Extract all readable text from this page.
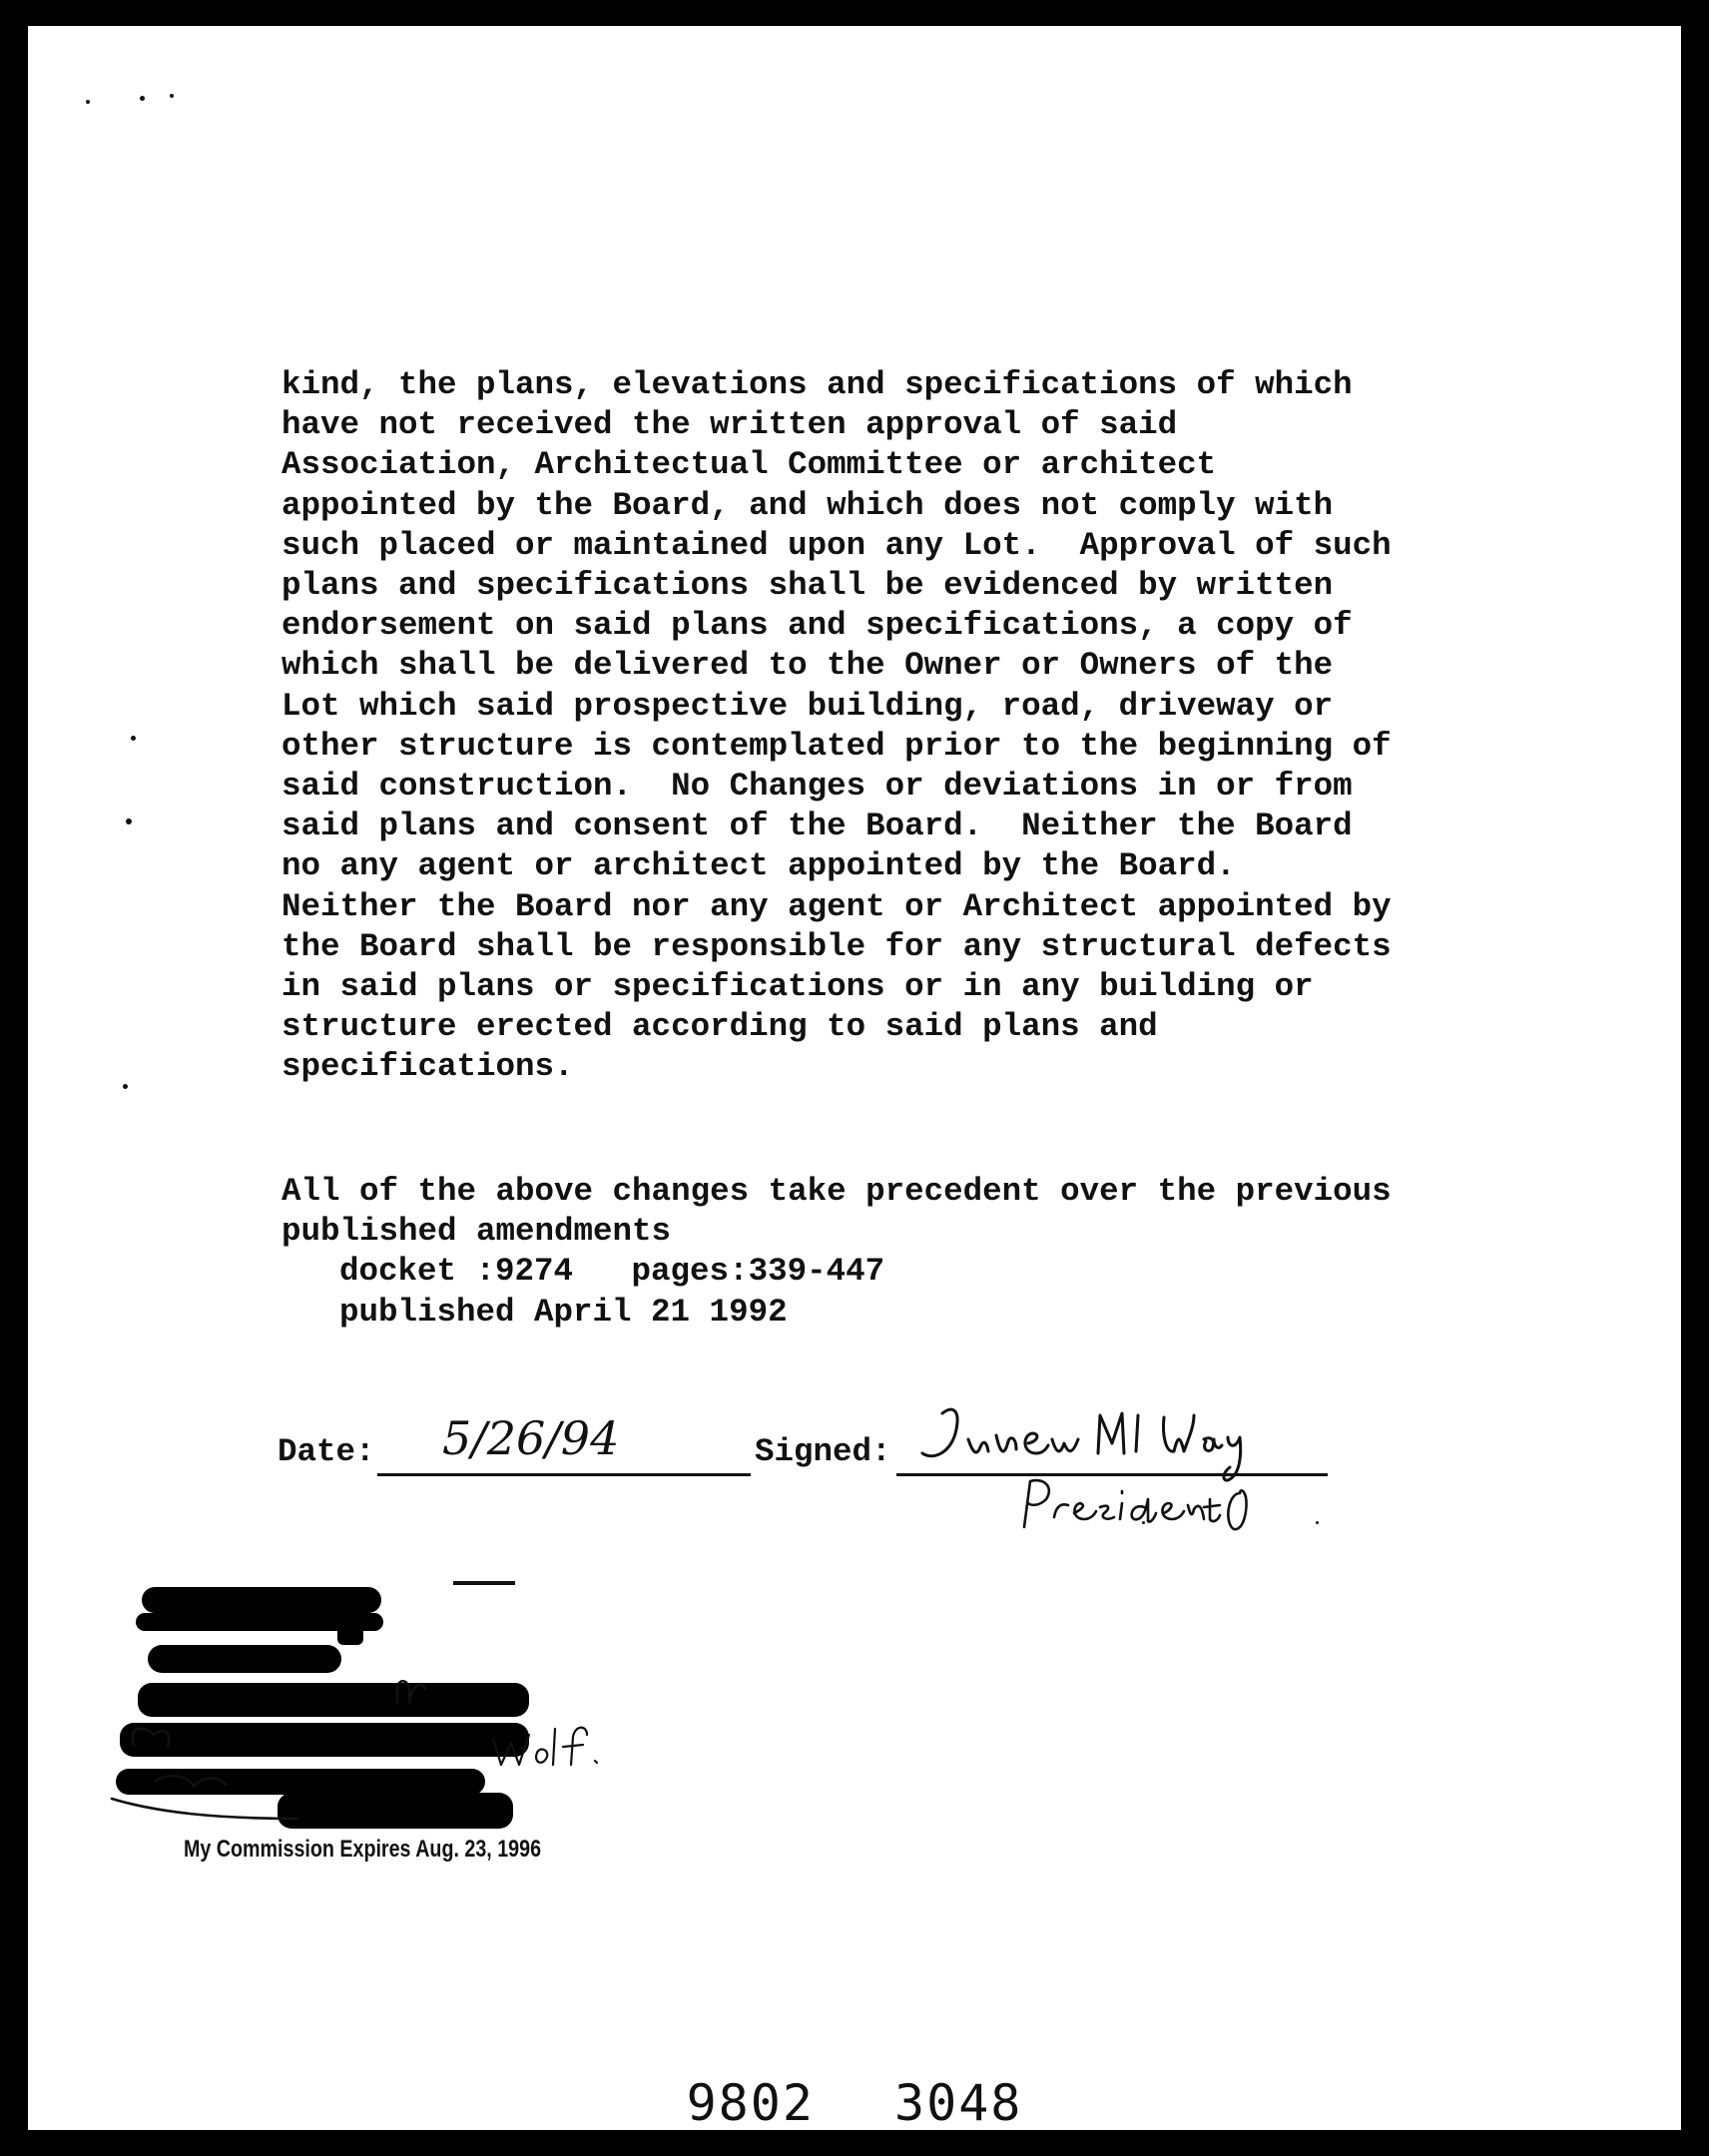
kind, the plans, elevations and specifications of which
have not received the written approval of said
Association, Architectual Committee or architect
appointed by the Board, and which does not comply with
such placed or maintained upon any Lot.  Approval of such
plans and specifications shall be evidenced by written
endorsement on said plans and specifications, a copy of
which shall be delivered to the Owner or Owners of the
Lot which said prospective building, road, driveway or
other structure is contemplated prior to the beginning of
said construction.  No Changes or deviations in or from
said plans and consent of the Board.  Neither the Board
no any agent or architect appointed by the Board.
Neither the Board nor any agent or Architect appointed by
the Board shall be responsible for any structural defects
in said plans or specifications or in any building or
structure erected according to said plans and
specifications.
All of the above changes take precedent over the previous
published amendments
docket :9274   pages:339-447
published April 21 1992
Date: 5/26/94	Signed:
My Commission Expires Aug. 23, 1996
9802 3048
